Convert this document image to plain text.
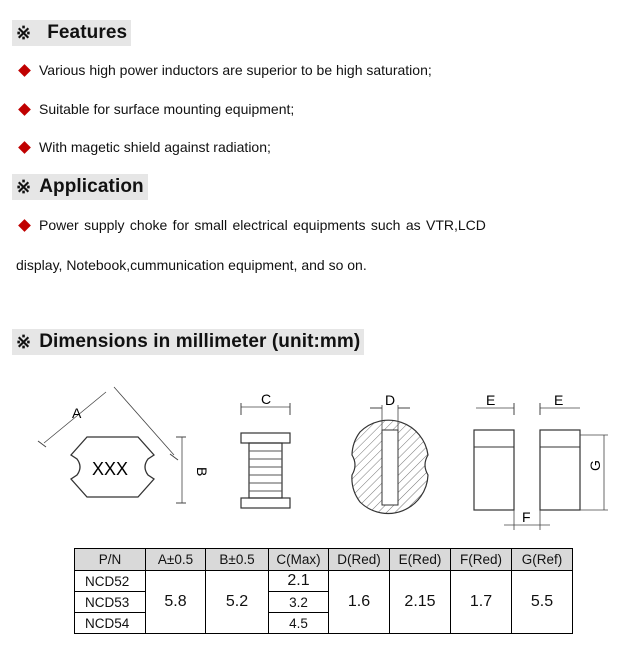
※ Features
Various high power inductors are superior to be high saturation;
Suitable for surface mounting equipment;
With magetic shield against radiation;
※ Application
Power supply choke for small electrical equipments such as VTR,LCD
display, Notebook,cummunication equipment, and so on.
※ Dimensions in millimeter (unit:mm)
A
XXX	B
C	D	E	E
F
G
P/N	A±0.5	B±0.5	C(Max)	D(Red)	E(Red)	F(Red)	G(Ref)
NCD52	5.8	5.2	2.1	1.6	2.15	1.7	5.5
NCD53			3.2				
NCD54			4.5				
